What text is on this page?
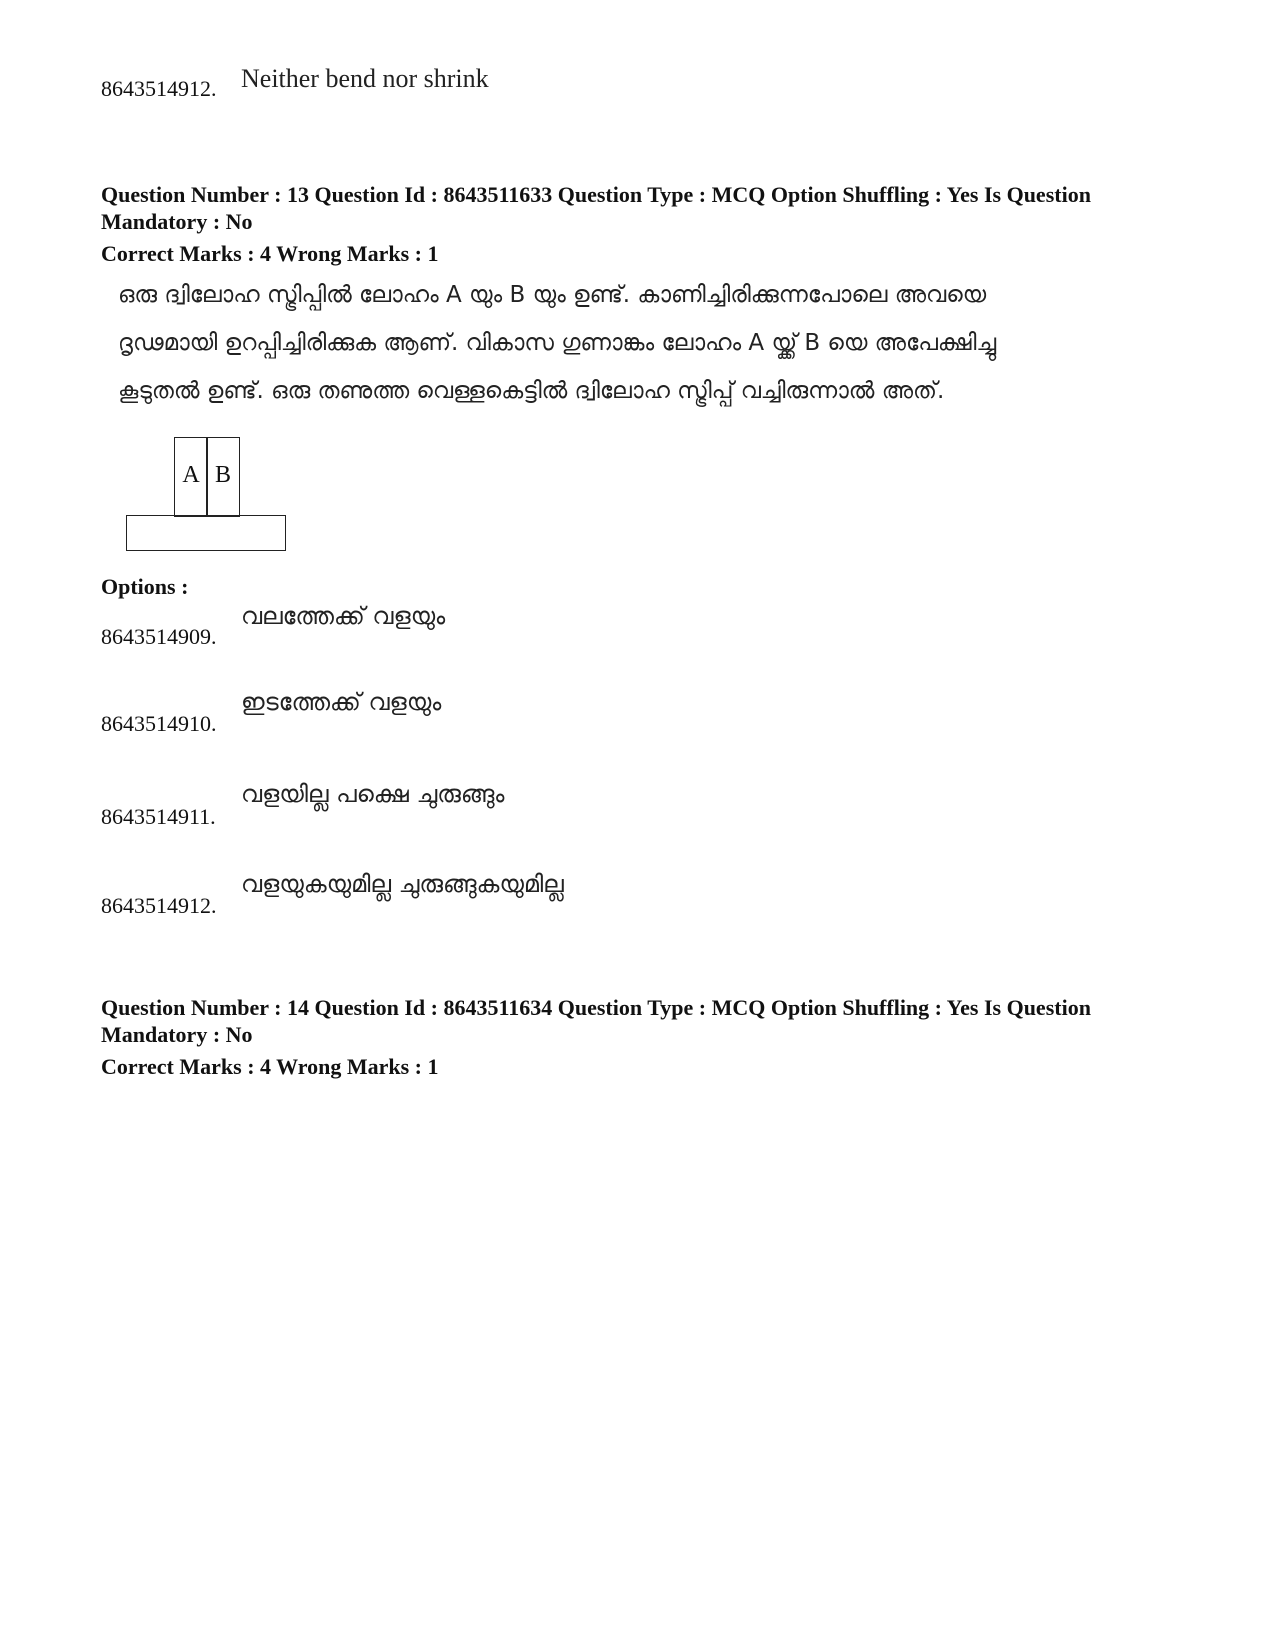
8643514912. Neither bend nor shrink
Question Number : 13 Question Id : 8643511633 Question Type : MCQ Option Shuffling : Yes Is Question Mandatory : No
Correct Marks : 4 Wrong Marks : 1
ഒരു ദ്വിലോഹ സ്ട്രിപ്പിൽ ലോഹം A യും B യും ഉണ്ട്. കാണിച്ചിരിക്കുന്നപോലെ അവയെ
ദൃഢമായി ഉറപ്പിച്ചിരിക്കുക ആണ്. വികാസ ഗുണാങ്കം ലോഹം A യ്ക്ക് B യെ അപേക്ഷിച്ചു
കൂടുതൽ ഉണ്ട്. ഒരു തണുത്ത വെള്ളകെട്ടിൽ ദ്വിലോഹ സ്ട്രിപ്പ് വച്ചിരുന്നാൽ അത്.
A B
Options :
8643514909.
വലത്തേക്ക് വളയും
8643514910.
ഇടത്തേക്ക് വളയും
8643514911.
വളയില്ല പക്ഷെ ചുരുങ്ങും
8643514912.
വളയുകയുമില്ല ചുരുങ്ങുകയുമില്ല
Question Number : 14 Question Id : 8643511634 Question Type : MCQ Option Shuffling : Yes Is Question Mandatory : No
Correct Marks : 4 Wrong Marks : 1
